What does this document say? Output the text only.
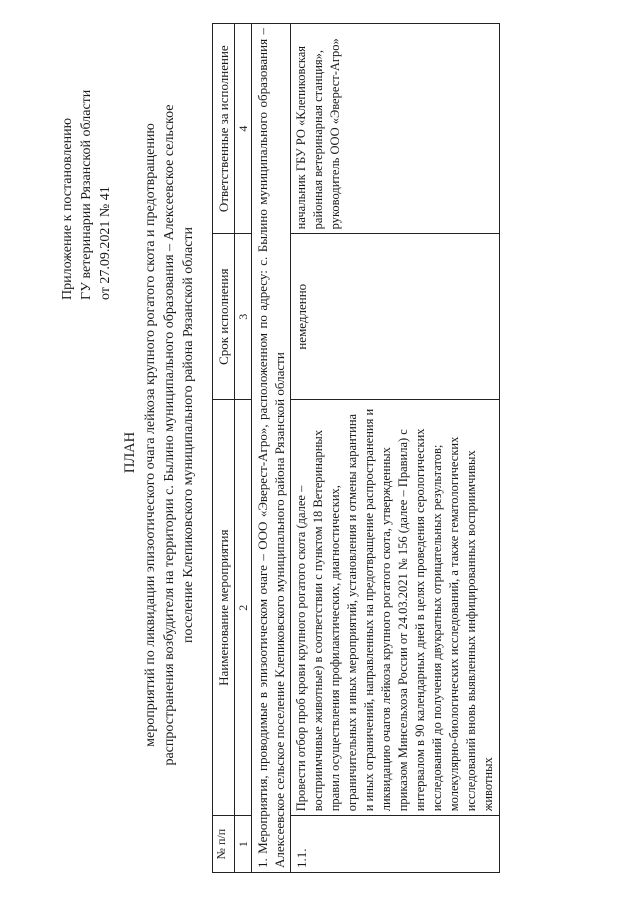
Приложение к постановлению ГУ ветеринарии Рязанской области от 27.09.2021 № 41
ПЛАН мероприятий по ликвидации эпизоотического очага лейкоза крупного рогатого скота и предотвращению распространения возбудителя на территории с. Былино муниципального образования – Алексеевское сельское поселение Клепиковского муниципального района Рязанской области
№ п/п	Наименование мероприятия	Срок исполнения	Ответственные за исполнение
1	2	3	4
1. Мероприятия, проводимые в эпизоотическом очаге – ООО «Эверест-Агро», расположенном по адресу: с. Былино муниципального образования – Алексеевское сельское поселение Клепиковского муниципального района Рязанской области			
1.1.	Провести отбор проб крови крупного рогатого скота (далее – восприимчивые животные) в соответствии с пунктом 18 Ветеринарных правил осуществления профилактических, диагностических, ограничительных и иных мероприятий, установления и отмены карантина и иных ограничений, направленных на предотвращение распространения и ликвидацию очагов лейкоза крупного рогатого скота, утвержденных приказом Минсельхоза России от 24.03.2021 № 156 (далее – Правила) с интервалом в 90 календарных дней в целях проведения серологических исследований до получения двукратных отрицательных результатов; молекулярно-биологических исследований, а также гематологических исследований вновь выявленных инфицированных восприимчивых животных	немедленно	начальник ГБУ РО «Клепиковская районная ветеринарная станция», руководитель ООО «Эверест-Агро»
